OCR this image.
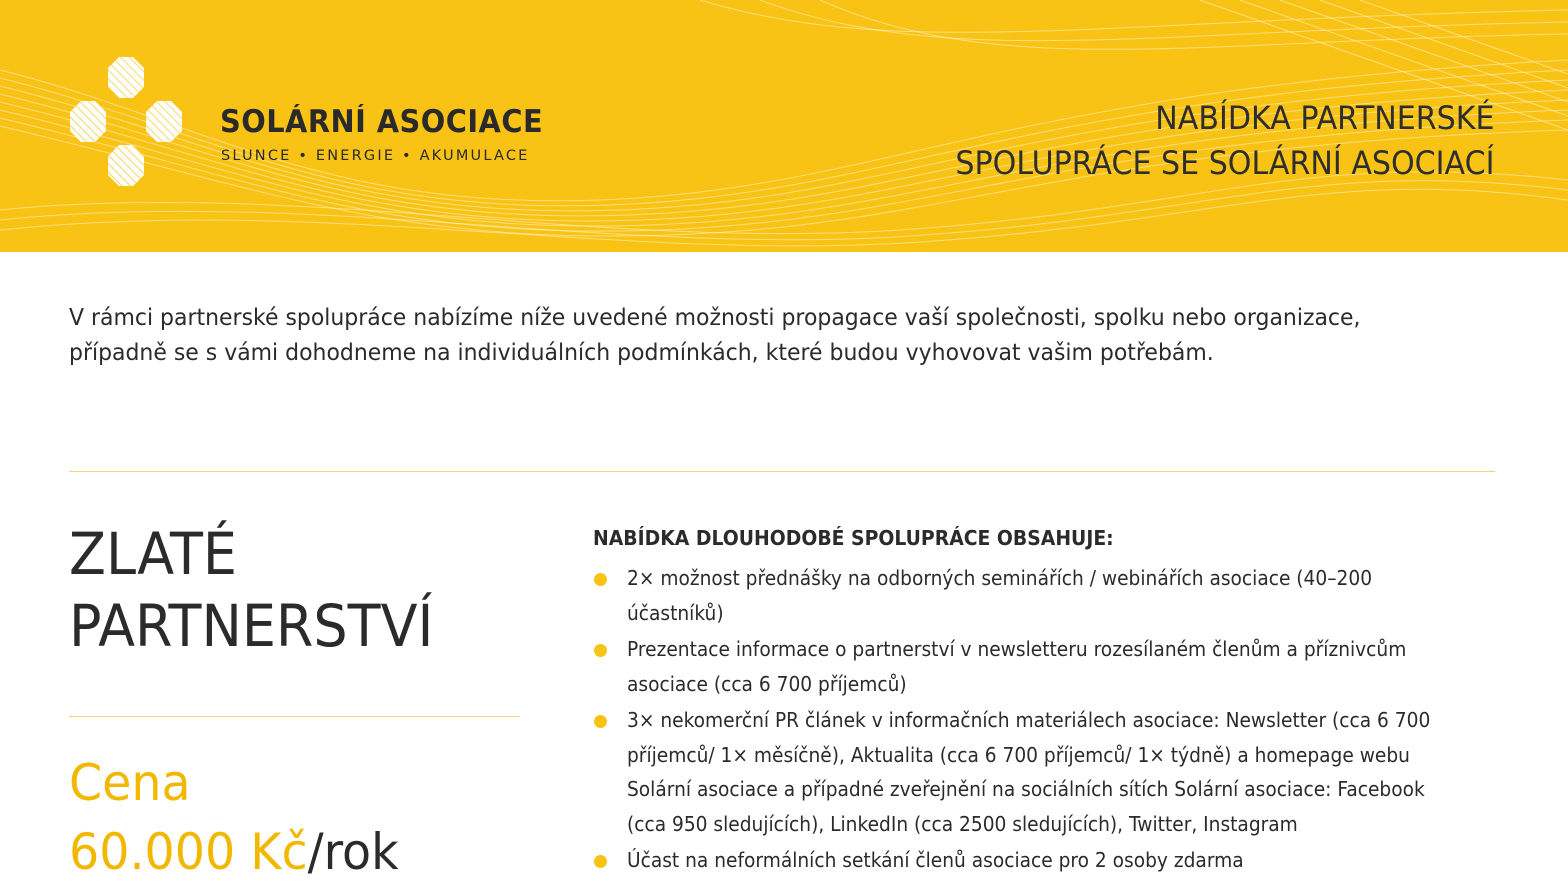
SOLÁRNÍ ASOCIACE
SLUNCE • ENERGIE • AKUMULACE
NABÍDKA PARTNERSKÉ
SPOLUPRÁCE SE SOLÁRNÍ ASOCIACÍ
V rámci partnerské spolupráce nabízíme níže uvedené možnosti propagace vaší společnosti, spolku nebo organizace,
případně se s vámi dohodneme na individuálních podmínkách, které budou vyhovovat vašim potřebám.
ZLATÉ
PARTNERSTVÍ
Cena
60.000 Kč/rok
NABÍDKA DLOUHODOBÉ SPOLUPRÁCE OBSAHUJE:
2× možnost přednášky na odborných seminářích / webinářích asociace (40–200
účastníků)
Prezentace informace o partnerství v newsletteru rozesílaném členům a příznivcům
asociace (cca 6 700 příjemců)
3× nekomerční PR článek v informačních materiálech asociace: Newsletter (cca 6 700
příjemců/ 1× měsíčně), Aktualita (cca 6 700 příjemců/ 1× týdně) a homepage webu
Solární asociace a případné zveřejnění na sociálních sítích Solární asociace: Facebook
(cca 950 sledujících), LinkedIn (cca 2500 sledujících), Twitter, Instagram
Účast na neformálních setkání členů asociace pro 2 osoby zdarma
